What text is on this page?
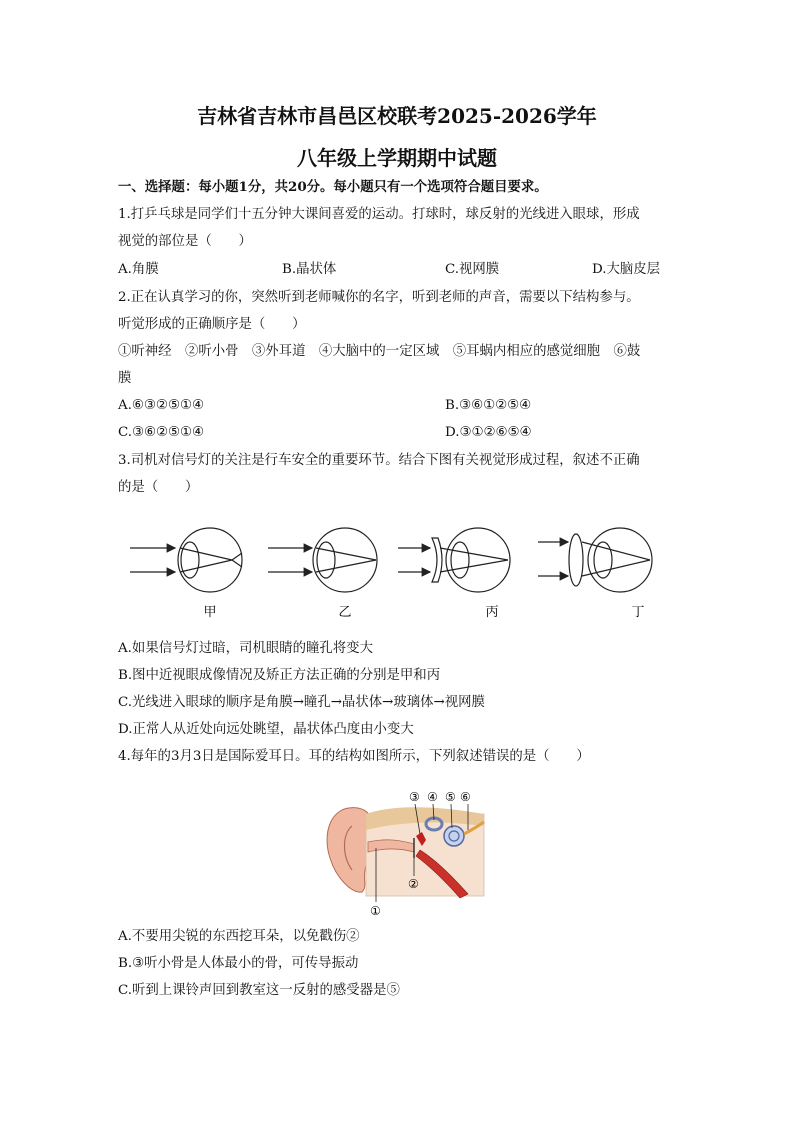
吉林省吉林市昌邑区校联考2025-2026学年
八年级上学期期中试题
一、选择题：每小题1分，共20分。每小题只有一个选项符合题目要求。
1.打乒乓球是同学们十五分钟大课间喜爱的运动。打球时，球反射的光线进入眼球，形成
视觉的部位是（　　）
A.角膜	B.晶状体	C.视网膜	D.大脑皮层
2.正在认真学习的你，突然听到老师喊你的名字，听到老师的声音，需要以下结构参与。
听觉形成的正确顺序是（　　）
①听神经　②听小骨　③外耳道　④大脑中的一定区域　⑤耳蜗内相应的感觉细胞　⑥鼓
膜
A.⑥③②⑤①④	B.③⑥①②⑤④
C.③⑥②⑤①④	D.③①②⑥⑤④
3.司机对信号灯的关注是行车安全的重要环节。结合下图有关视觉形成过程，叙述不正确
的是（　　）
甲	乙	丙	丁
A.如果信号灯过暗，司机眼睛的瞳孔将变大
B.图中近视眼成像情况及矫正方法正确的分别是甲和丙
C.光线进入眼球的顺序是角膜→瞳孔→晶状体→玻璃体→视网膜
D.正常人从近处向远处眺望，晶状体凸度由小变大
4.每年的3月3日是国际爱耳日。耳的结构如图所示，下列叙述错误的是（　　）
③ ④ ⑤ ⑥
②
①
A.不要用尖锐的东西挖耳朵，以免戳伤②
B.③听小骨是人体最小的骨，可传导振动
C.听到上课铃声回到教室这一反射的感受器是⑤
